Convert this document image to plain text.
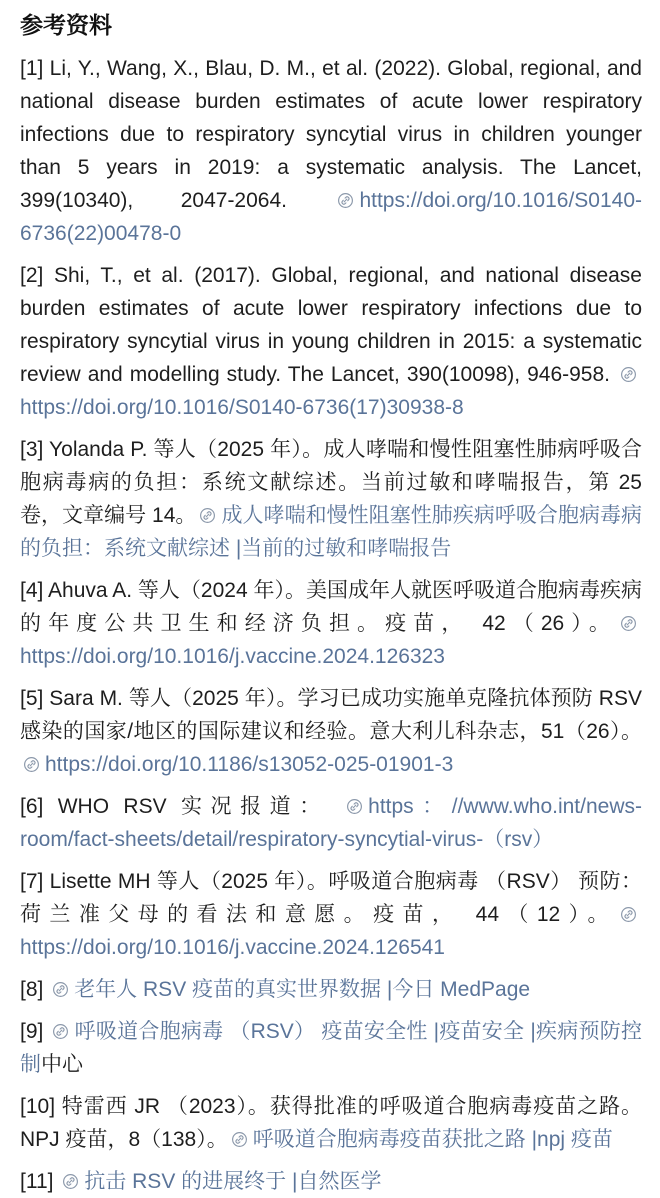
参考资料

[1] Li, Y., Wang, X., Blau, D. M., et al. (2022). Global, regional, and national disease burden estimates of acute lower respiratory infections due to respiratory syncytial virus in children younger than 5 years in 2019: a systematic analysis. The Lancet, 399(10340), 2047-2064.
https://doi.org/10.1016/S0140-6736(22)00478-0

[2] Shi, T., et al. (2017). Global, regional, and national disease burden estimates of acute lower respiratory infections due to respiratory syncytial virus in young children in 2015: a systematic review and modelling study. The Lancet, 390(10098), 946-958.
https://doi.org/10.1016/S0140-6736(17)30938-8

[3] Yolanda P. 等人（2025 年）。成人哮喘和慢性阻塞性肺病呼吸合胞病毒病的负担：系统文献综述。当前过敏和哮喘报告，第 25 卷，文章编号 14。 成人哮喘和慢性阻塞性肺疾病呼吸合胞病毒病的负担：系统文献综述 |当前的过敏和哮喘报告

[4] Ahuva A. 等人（2024 年）。美国成年人就医呼吸道合胞病毒疾病的年度公共卫生和经济负担。疫苗， 42（26）。
https://doi.org/10.1016/j.vaccine.2024.126323

[5] Sara M. 等人（2025 年）。学习已成功实施单克隆抗体预防 RSV 感染的国家/地区的国际建议和经验。意大利儿科杂志，51（26）。
https://doi.org/10.1186/s13052-025-01901-3

[6] WHO RSV 实况报道：
https：//www.who.int/news-room/fact-sheets/detail/respiratory-syncytial-virus-（rsv）

[7] Lisette MH 等人（2025 年）。呼吸道合胞病毒 （RSV） 预防：荷兰准父母的看法和意愿。疫苗， 44（12）。
https://doi.org/10.1016/j.vaccine.2024.126541

[8]
老年人 RSV 疫苗的真实世界数据 |今日 MedPage

[9]
呼吸道合胞病毒 （RSV） 疫苗安全性 |疫苗安全 |疾病预防控制中心

[10] 特雷西 JR （2023）。获得批准的呼吸道合胞病毒疫苗之路。NPJ 疫苗，8（138）。 呼吸道合胞病毒疫苗获批之路 |npj 疫苗

[11]
抗击 RSV 的进展终于 |自然医学
